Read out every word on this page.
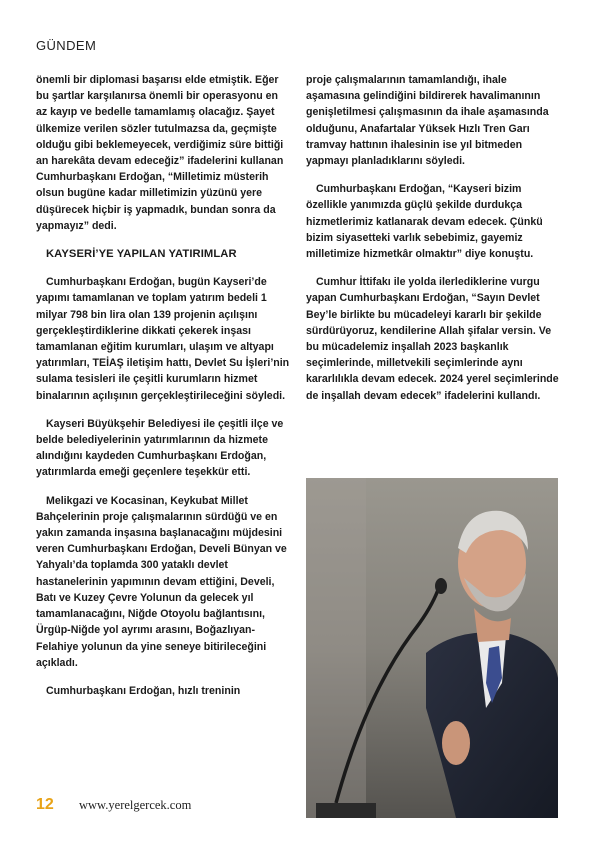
GÜNDEM

önemli bir diplomasi başarısı elde etmiştik. Eğer bu şartlar karşılanırsa önemli bir operasyonu en az kayıp ve bedelle tamamlamış olacağız. Şayet ülkemize verilen sözler tutulmazsa da, geçmişte olduğu gibi beklemeyecek, verdiğimiz süre bittiği an harekâta devam edeceğiz” ifadelerini kullanan Cumhurbaşkanı Erdoğan, “Milletimiz müsterih olsun bugüne kadar milletimizin yüzünü yere düşürecek hiçbir iş yapmadık, bundan sonra da yapmayız” dedi.

KAYSERİ’YE YAPILAN YATIRIMLAR

Cumhurbaşkanı Erdoğan, bugün Kayseri’de yapımı tamamlanan ve toplam yatırım bedeli 1 milyar 798 bin lira olan 139 projenin açılışını gerçekleştirdiklerine dikkati çekerek inşası tamamlanan eğitim kurumları, ulaşım ve altyapı yatırımları, TEİAŞ iletişim hattı, Devlet Su İşleri’nin sulama tesisleri ile çeşitli kurumların hizmet binalarının açılışının gerçekleştirileceğini söyledi.

Kayseri Büyükşehir Belediyesi ile çeşitli ilçe ve belde belediyelerinin yatırımlarının da hizmete alındığını kaydeden Cumhurbaşkanı Erdoğan, yatırımlarda emeği geçenlere teşekkür etti.

Melikgazi ve Kocasinan, Keykubat Millet Bahçelerinin proje çalışmalarının sürdüğü ve en yakın zamanda inşasına başlanacağını müjdesini veren Cumhurbaşkanı Erdoğan, Develi Bünyan ve Yahyalı’da toplamda 300 yataklı devlet hastanelerinin yapımının devam ettiğini, Develi, Batı ve Kuzey Çevre Yolunun da gelecek yıl tamamlanacağını, Niğde Otoyolu bağlantısını, Ürgüp-Niğde yol ayrımı arasını, Boğazlıyan-Felahiye yolunun da yine seneye bitirileceğini açıkladı.

Cumhurbaşkanı Erdoğan, hızlı treninin

proje çalışmalarının tamamlandığı, ihale aşamasına gelindiğini bildirerek havalimanının genişletilmesi çalışmasının da ihale aşamasında olduğunu, Anafartalar Yüksek Hızlı Tren Garı tramvay hattının ihalesinin ise yıl bitmeden yapmayı planladıklarını söyledi.

Cumhurbaşkanı Erdoğan, “Kayseri bizim özellikle yanımızda güçlü şekilde durdukça hizmetlerimiz katlanarak devam edecek. Çünkü bizim siyasetteki varlık sebebimiz, gayemiz milletimize hizmetkâr olmaktır” diye konuştu.

Cumhur İttifakı ile yolda ilerlediklerine vurgu yapan Cumhurbaşkanı Erdoğan, “Sayın Devlet Bey’le birlikte bu mücadeleyi kararlı bir şekilde sürdürüyoruz, kendilerine Allah şifalar versin. Ve bu mücadelemiz inşallah 2023 başkanlık seçimlerinde, milletvekili seçimlerinde aynı kararlılıkla devam edecek. 2024 yerel seçimlerinde de inşallah devam edecek” ifadelerini kullandı.

12 www.yerelgercek.com
